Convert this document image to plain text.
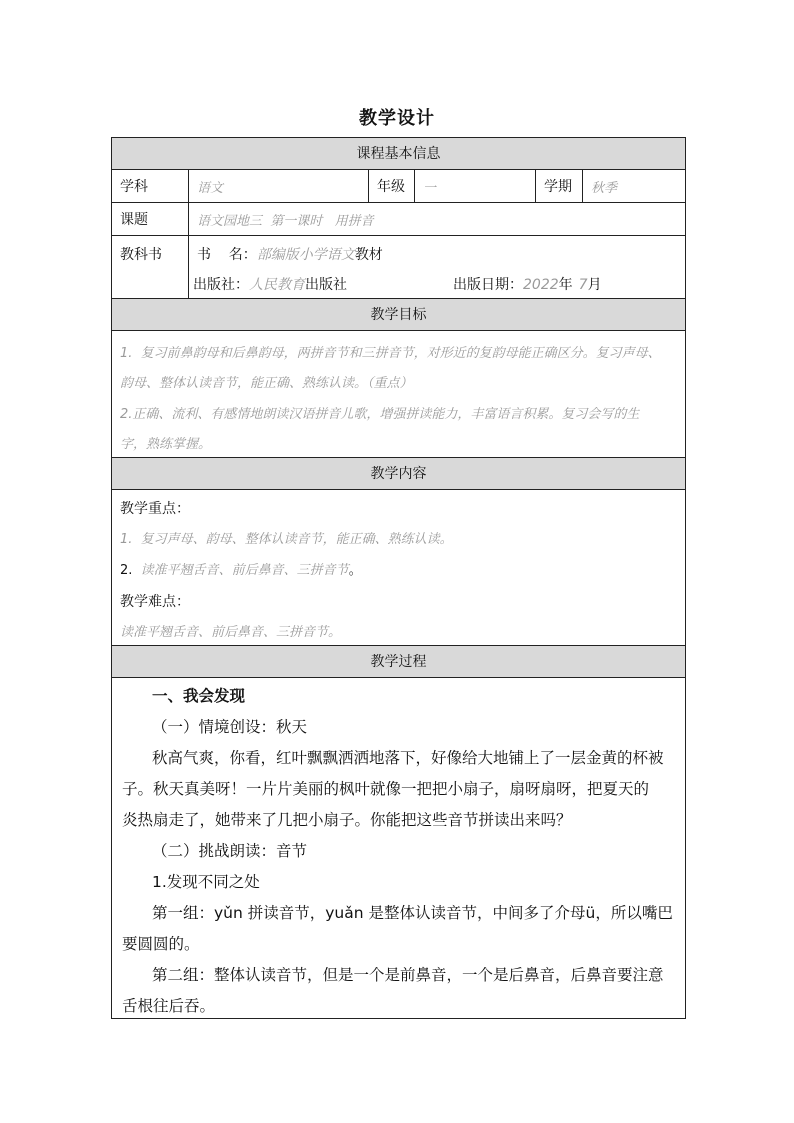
教学设计
课程基本信息
学科	语文	年级	一	学期	秋季
课题	语文园地三  第一课时   用拼音
教科书	书    名：部编版小学语文教材
出版社：人民教育出版社	出版日期：2022年 7月
教学目标
1.  复习前鼻韵母和后鼻韵母，两拼音节和三拼音节，对形近的复韵母能正确区分。复习声母、
韵母、整体认读音节，能正确、熟练认读。（重点）
2.正确、流利、有感情地朗读汉语拼音儿歌，增强拼读能力，丰富语言积累。复习会写的生
字，熟练掌握。
教学内容
教学重点：
1.  复习声母、韵母、整体认读音节，能正确、熟练认读。
2.  读准平翘舌音、前后鼻音、三拼音节。
教学难点：
读准平翘舌音、前后鼻音、三拼音节。
教学过程
一、我会发现
（一）情境创设：秋天
秋高气爽，你看，红叶飘飘洒洒地落下，好像给大地铺上了一层金黄的杯被
子。秋天真美呀！一片片美丽的枫叶就像一把把小扇子，扇呀扇呀，把夏天的
炎热扇走了，她带来了几把小扇子。你能把这些音节拼读出来吗？
（二）挑战朗读：音节
1.发现不同之处
第一组：yǔn 拼读音节，yuǎn 是整体认读音节，中间多了介母ü，所以嘴巴
要圆圆的。
第二组：整体认读音节，但是一个是前鼻音，一个是后鼻音，后鼻音要注意
舌根往后吞。
